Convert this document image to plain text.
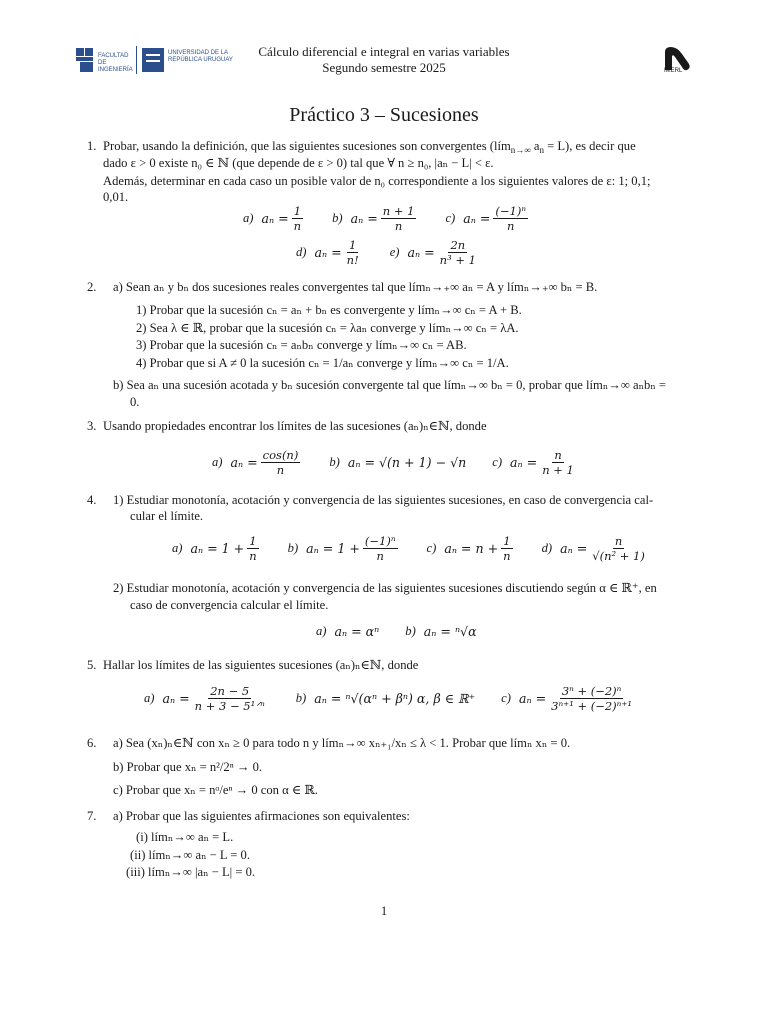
FACULTAD DE INGENIERÍA
UNIVERSIDAD DE LA REPÚBLICA URUGUAY
Cálculo diferencial e integral en varias variables
Segundo semestre 2025	IMERL
Práctico 3 – Sucesiones
1. Probar, usando la definición, que las siguientes sucesiones son convergentes (lím$_{n\to\infty}$ $a_n = L$), es decir que
dado ε > 0 existe n₀ ∈ ℕ (que depende de ε > 0) tal que ∀ n ≥ n₀, |aₙ − L| < ε.
Además, determinar en cada caso un posible valor de n₀ correspondiente a los siguientes valores de ε: 1; 0,1;
0,01.
a) $a_n = \frac{1}{n} b$) $a_n = \frac{n + 1}{n} c$) $a_n = \frac{\text{(−1)ⁿ}}{n}$
d) $a_n = \frac{1}{n!} e$) $a_n = \frac{2n}{\text{n³ + 1}}$
2. a) Sean aₙ y bₙ dos sucesiones reales convergentes tal que límₙ→₊∞ aₙ = A y límₙ→₊∞ bₙ = B.
1) Probar que la sucesión cₙ = aₙ + bₙ es convergente y límₙ→∞ cₙ = A + B.
2) Sea λ ∈ ℝ, probar que la sucesión cₙ = λaₙ converge y límₙ→∞ cₙ = λA.
3) Probar que la sucesión cₙ = aₙbₙ converge y límₙ→∞ cₙ = AB.
4) Probar que si A ≠ 0 la sucesión cₙ = 1/aₙ converge y límₙ→∞ cₙ = 1/A.
b) Sea aₙ una sucesión acotada y bₙ sucesión convergente tal que límₙ→∞ bₙ = 0, probar que límₙ→∞ aₙbₙ =
0.
3. Usando propiedades encontrar los límites de las sucesiones (aₙ)ₙ∈ℕ, donde
a) $a_n = \frac{\cos(n)}{n} b$) aₙ = √(n + 1) − √n c) $a_n = \frac{n}{n + 1}$
4. 1) Estudiar monotonía, acotación y convergencia de las siguientes sucesiones, en caso de convergencia cal-
cular el límite.
a) $a_n = 1 + \frac{1}{n} b$) $a_n = 1 + \frac{\text{(−1)ⁿ}}{n} c$) $a_n = n + \frac{1}{n} d$) $a_n = \frac{n}{\text{√(n² + 1)}}$
2) Estudiar monotonía, acotación y convergencia de las siguientes sucesiones discutiendo según α ∈ ℝ⁺, en
caso de convergencia calcular el límite.
a) aₙ = αⁿ b) aₙ = ⁿ√α
5. Hallar los límites de las siguientes sucesiones (aₙ)ₙ∈ℕ, donde
a) $a_n = \frac{2n - 5}{\text{n + 3 − 5¹ᐟⁿ}} b$) aₙ = ⁿ√(αⁿ + βⁿ) α, β ∈ ℝ⁺ c) $a_n = \frac{\text{3ⁿ + (−2)ⁿ}}{\text{3ⁿ⁺¹ + (−2)ⁿ⁺¹}}$
6. a) Sea (xₙ)ₙ∈ℕ con xₙ ≥ 0 para todo n y límₙ→∞ xₙ₊₁/xₙ ≤ λ < 1. Probar que límₙ xₙ = 0.
b) Probar que xₙ = n²/2ⁿ → 0.
c) Probar que xₙ = nᵅ/eⁿ → 0 con α ∈ ℝ.
7. a) Probar que las siguientes afirmaciones son equivalentes:
(i) límₙ→∞ aₙ = L.
(ii) límₙ→∞ aₙ − L = 0.
(iii) límₙ→∞ |aₙ − L| = 0.
1
